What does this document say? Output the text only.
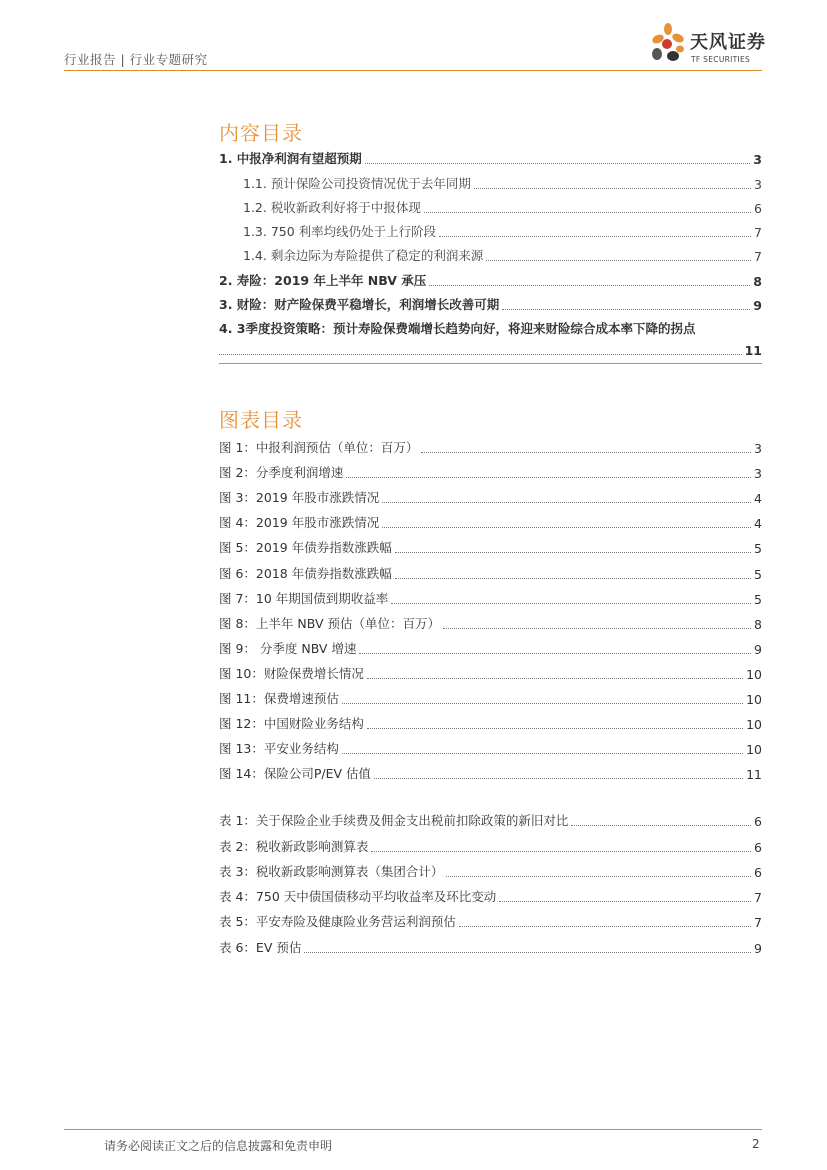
行业报告 | 行业专题研究
天风证券
TF SECURITIES
内容目录
1. 中报净利润有望超预期	3
1.1. 预计保险公司投资情况优于去年同期	3
1.2. 税收新政利好将于中报体现	6
1.3. 750 利率均线仍处于上行阶段	7
1.4. 剩余边际为寿险提供了稳定的利润来源	7
2. 寿险：2019 年上半年 NBV 承压	8
3. 财险：财产险保费平稳增长，利润增长改善可期	9
4. 3季度投资策略：预计寿险保费端增长趋势向好，将迎来财险综合成本率下降的拐点
11
图表目录
图 1：中报利润预估（单位：百万）	3
图 2：分季度利润增速	3
图 3：2019 年股市涨跌情况	4
图 4：2019 年股市涨跌情况	4
图 5：2019 年债券指数涨跌幅	5
图 6：2018 年债券指数涨跌幅	5
图 7：10 年期国债到期收益率	5
图 8：上半年 NBV 预估（单位：百万）	8
图 9： 分季度 NBV 增速	9
图 10：财险保费增长情况	10
图 11：保费增速预估	10
图 12：中国财险业务结构	10
图 13：平安业务结构	10
图 14：保险公司P/EV 估值	11
表 1：关于保险企业手续费及佣金支出税前扣除政策的新旧对比	6
表 2：税收新政影响测算表	6
表 3：税收新政影响测算表（集团合计）	6
表 4：750 天中债国债移动平均收益率及环比变动	7
表 5：平安寿险及健康险业务营运利润预估	7
表 6：EV 预估	9
请务必阅读正文之后的信息披露和免责申明	2
